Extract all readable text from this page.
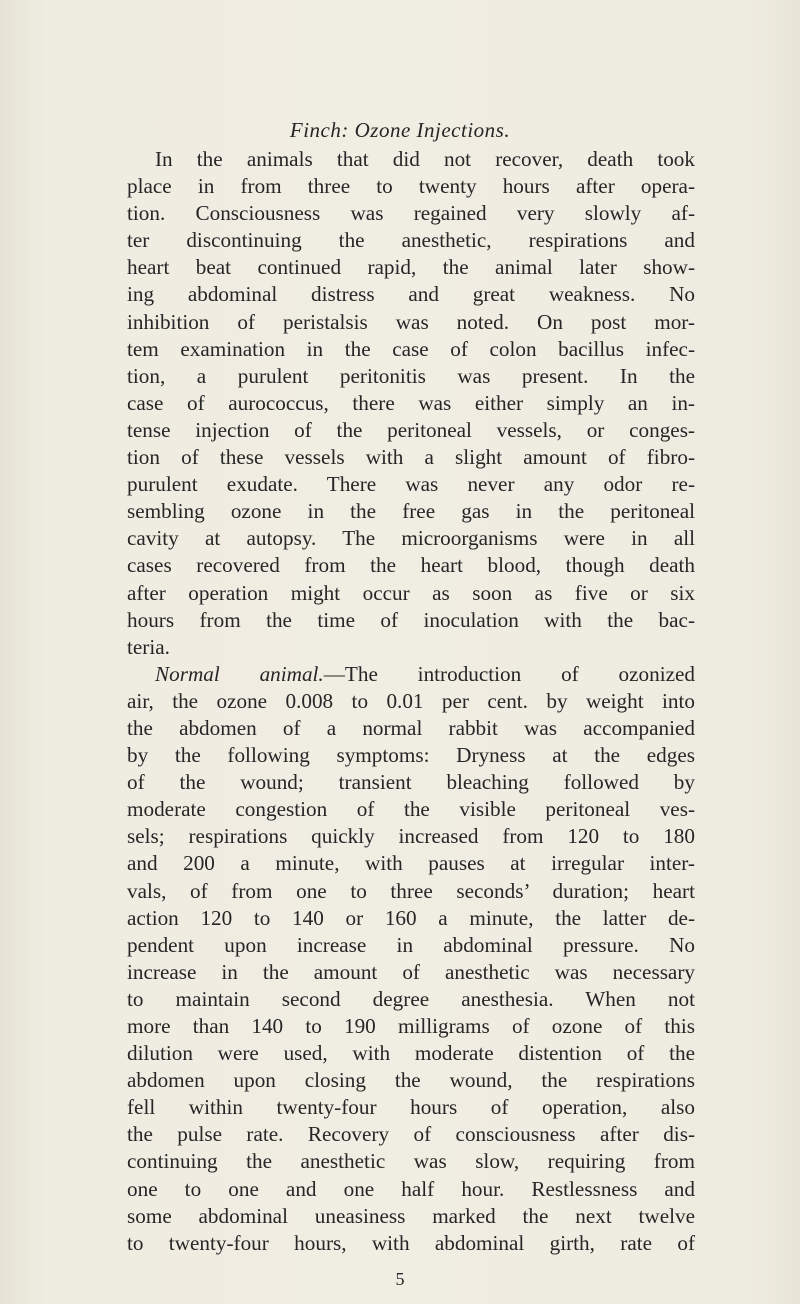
Finch: Ozone Injections.
In the animals that did not recover, death took
place in from three to twenty hours after opera-
tion. Consciousness was regained very slowly af-
ter discontinuing the anesthetic, respirations and
heart beat continued rapid, the animal later show-
ing abdominal distress and great weakness. No
inhibition of peristalsis was noted. On post mor-
tem examination in the case of colon bacillus infec-
tion, a purulent peritonitis was present. In the
case of aurococcus, there was either simply an in-
tense injection of the peritoneal vessels, or conges-
tion of these vessels with a slight amount of fibro-
purulent exudate. There was never any odor re-
sembling ozone in the free gas in the peritoneal
cavity at autopsy. The microorganisms were in all
cases recovered from the heart blood, though death
after operation might occur as soon as five or six
hours from the time of inoculation with the bac-
teria.
Normal animal.—The introduction of ozonized
air, the ozone 0.008 to 0.01 per cent. by weight into
the abdomen of a normal rabbit was accompanied
by the following symptoms: Dryness at the edges
of the wound; transient bleaching followed by
moderate congestion of the visible peritoneal ves-
sels; respirations quickly increased from 120 to 180
and 200 a minute, with pauses at irregular inter-
vals, of from one to three seconds’ duration; heart
action 120 to 140 or 160 a minute, the latter de-
pendent upon increase in abdominal pressure. No
increase in the amount of anesthetic was necessary
to maintain second degree anesthesia. When not
more than 140 to 190 milligrams of ozone of this
dilution were used, with moderate distention of the
abdomen upon closing the wound, the respirations
fell within twenty-four hours of operation, also
the pulse rate. Recovery of consciousness after dis-
continuing the anesthetic was slow, requiring from
one to one and one half hour. Restlessness and
some abdominal uneasiness marked the next twelve
to twenty-four hours, with abdominal girth, rate of
5
